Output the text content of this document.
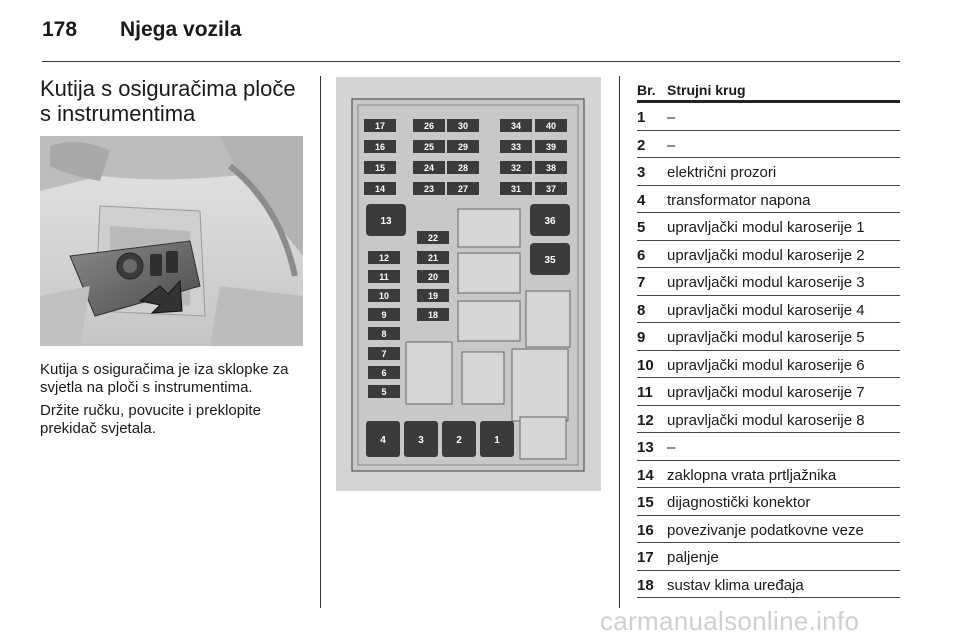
178 Njega vozila
Kutija s osiguračima ploče s instrumentima

Kutija s osiguračima je iza sklopke za svjetla na ploči s instrumentima.

Držite ručku, povucite i preklopite prekidač svjetala.

17
16
15
14
26
25
24
23
30
29
28
27
34
33
32
31
40
39
38
37
13	36
35
12
11
10
9
8
7
6
5
22
21
20
19
18
4	3	2	1
Br. Strujni krug
1 –
2 –
3 električni prozori
4 transformator napona
5 upravljački modul karoserije 1
6 upravljački modul karoserije 2
7 upravljački modul karoserije 3
8 upravljački modul karoserije 4
9 upravljački modul karoserije 5
10 upravljački modul karoserije 6
11 upravljački modul karoserije 7
12 upravljački modul karoserije 8
13 –
14 zaklopna vrata prtljažnika
15 dijagnostički konektor
16 povezivanje podatkovne veze
17 paljenje
18 sustav klima uređaja
carmanualsonline.info
